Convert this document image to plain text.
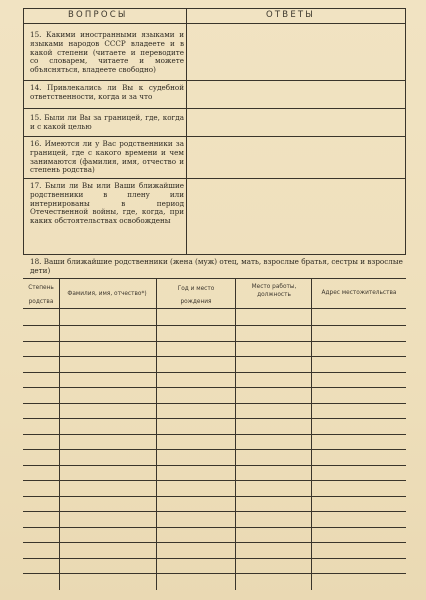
ВОПРОСЫ	ОТВЕТЫ
15. Какими иностранными языками и языками народов СССР владеете и в какой степени (читаете и переводите со словарем, читаете и можете объясняться, владеете свободно)
14. Привлекались ли Вы к судебной ответственности, когда и за что
15. Были ли Вы за границей, где, когда и с какой целью
16. Имеются ли у Вас родственники за границей, где с какого времени и чем занимаются (фамилия, имя, отчество и степень родства)
17. Были ли Вы или Ваши ближайшие родственники в плену или интернированы в период Отечественной войны, где, когда, при каких обстоятельствах освобождены
18. Ваши ближайшие родственники (жена (муж) отец, мать, взрослые братья, сестры и взрослые дети)
Степень
родства
Фамилия, имя, отчество*)
Год и место
рождения
Место работы,
должность	Адрес местожительства
